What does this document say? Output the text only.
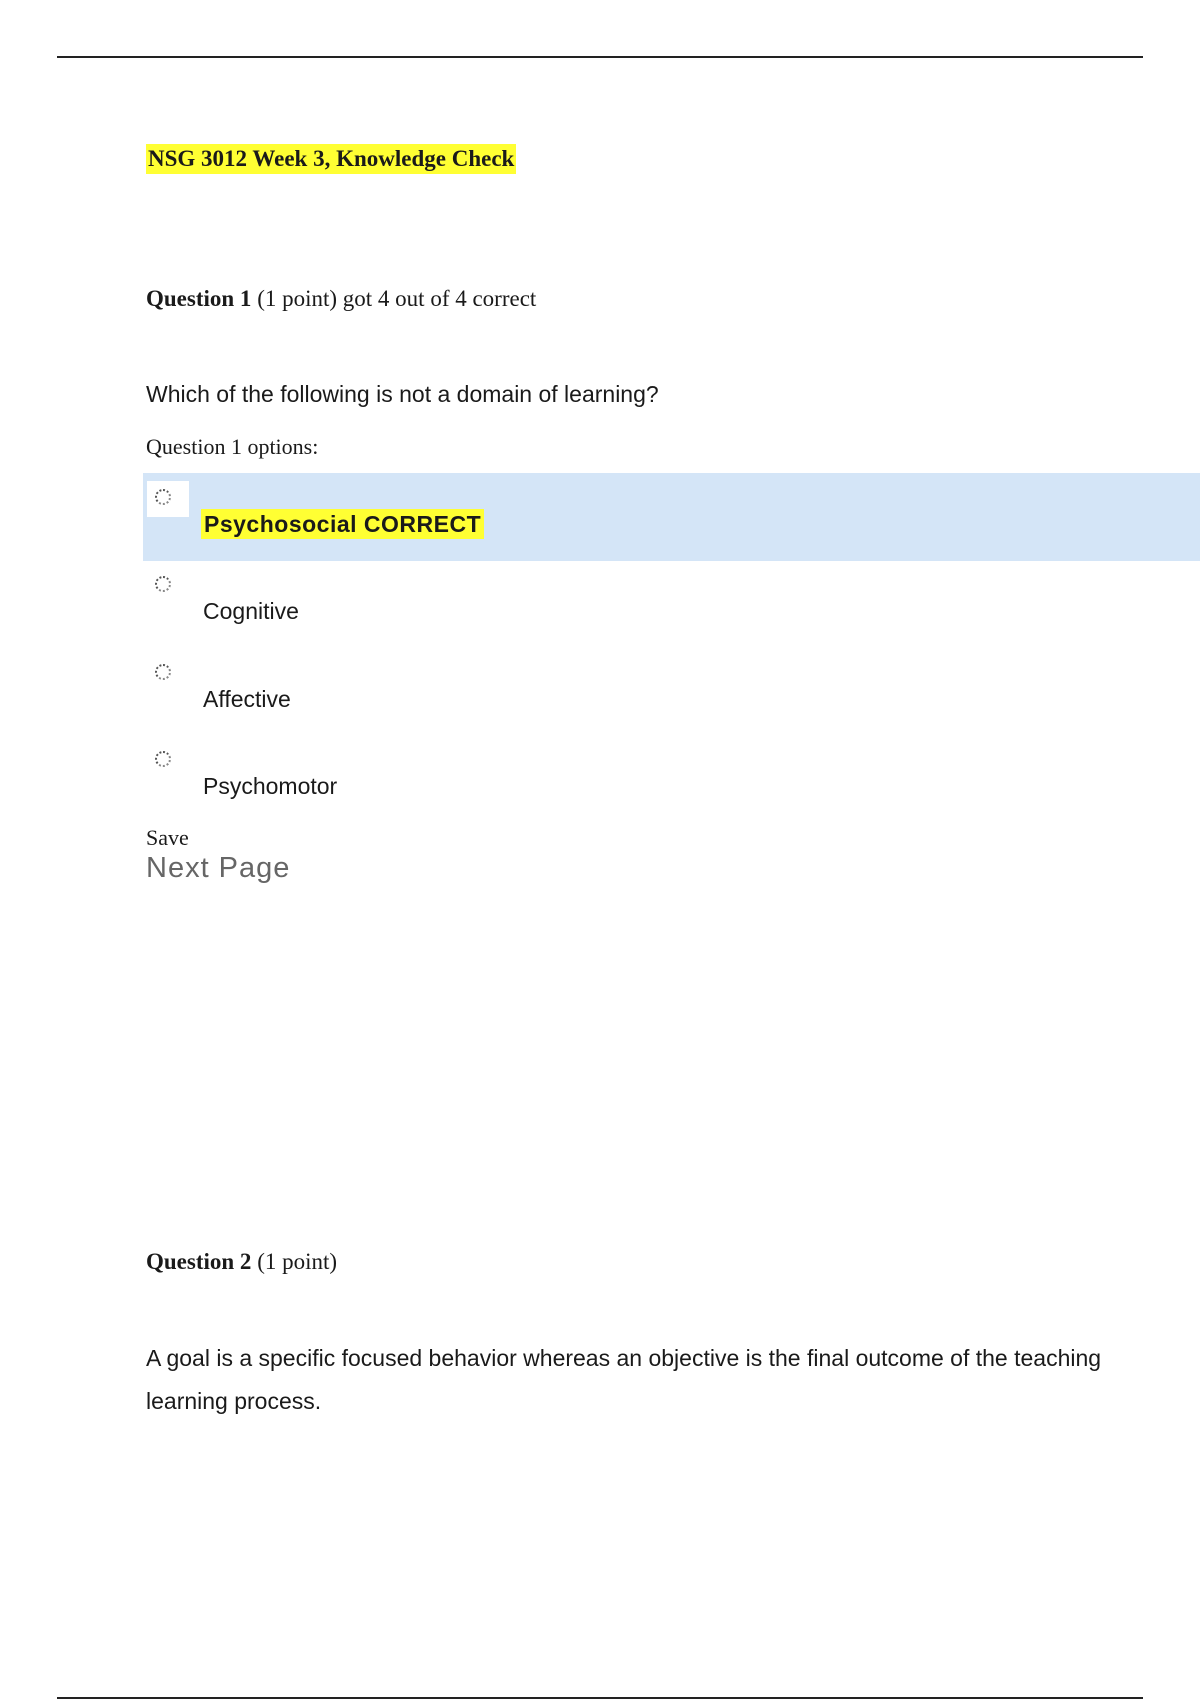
NSG 3012 Week 3, Knowledge Check
Question 1 (1 point) got 4 out of 4 correct
Which of the following is not a domain of learning?
Question 1 options:
Psychosocial CORRECT
Cognitive
Affective
Psychomotor
Save
Next Page
Question 2 (1 point)
A goal is a specific focused behavior whereas an objective is the final outcome of the teaching learning process.
